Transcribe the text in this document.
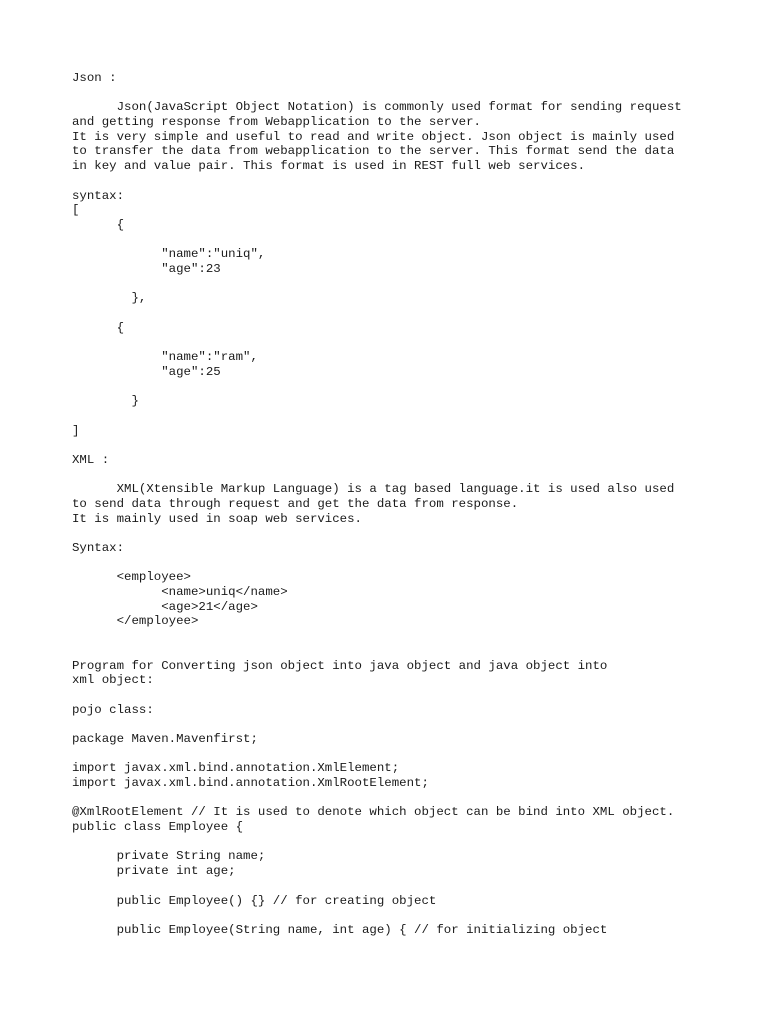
Json :
Json(JavaScript Object Notation) is commonly used format for sending request
and getting response from Webapplication to the server.
It is very simple and useful to read and write object. Json object is mainly used
to transfer the data from webapplication to the server. This format send the data
in key and value pair. This format is used in REST full web services.
syntax:
[
{
"name":"uniq",
"age":23
},
{
"name":"ram",
"age":25
}
]
XML :
XML(Xtensible Markup Language) is a tag based language.it is used also used
to send data through request and get the data from response.
It is mainly used in soap web services.
Syntax:
<employee>
<name>uniq</name>
<age>21</age>
</employee>
Program for Converting json object into java object and java object into
xml object:
pojo class:
package Maven.Mavenfirst;
import javax.xml.bind.annotation.XmlElement;
import javax.xml.bind.annotation.XmlRootElement;
@XmlRootElement // It is used to denote which object can be bind into XML object.
public class Employee {
private String name;
private int age;
public Employee() {} // for creating object
public Employee(String name, int age) { // for initializing object
